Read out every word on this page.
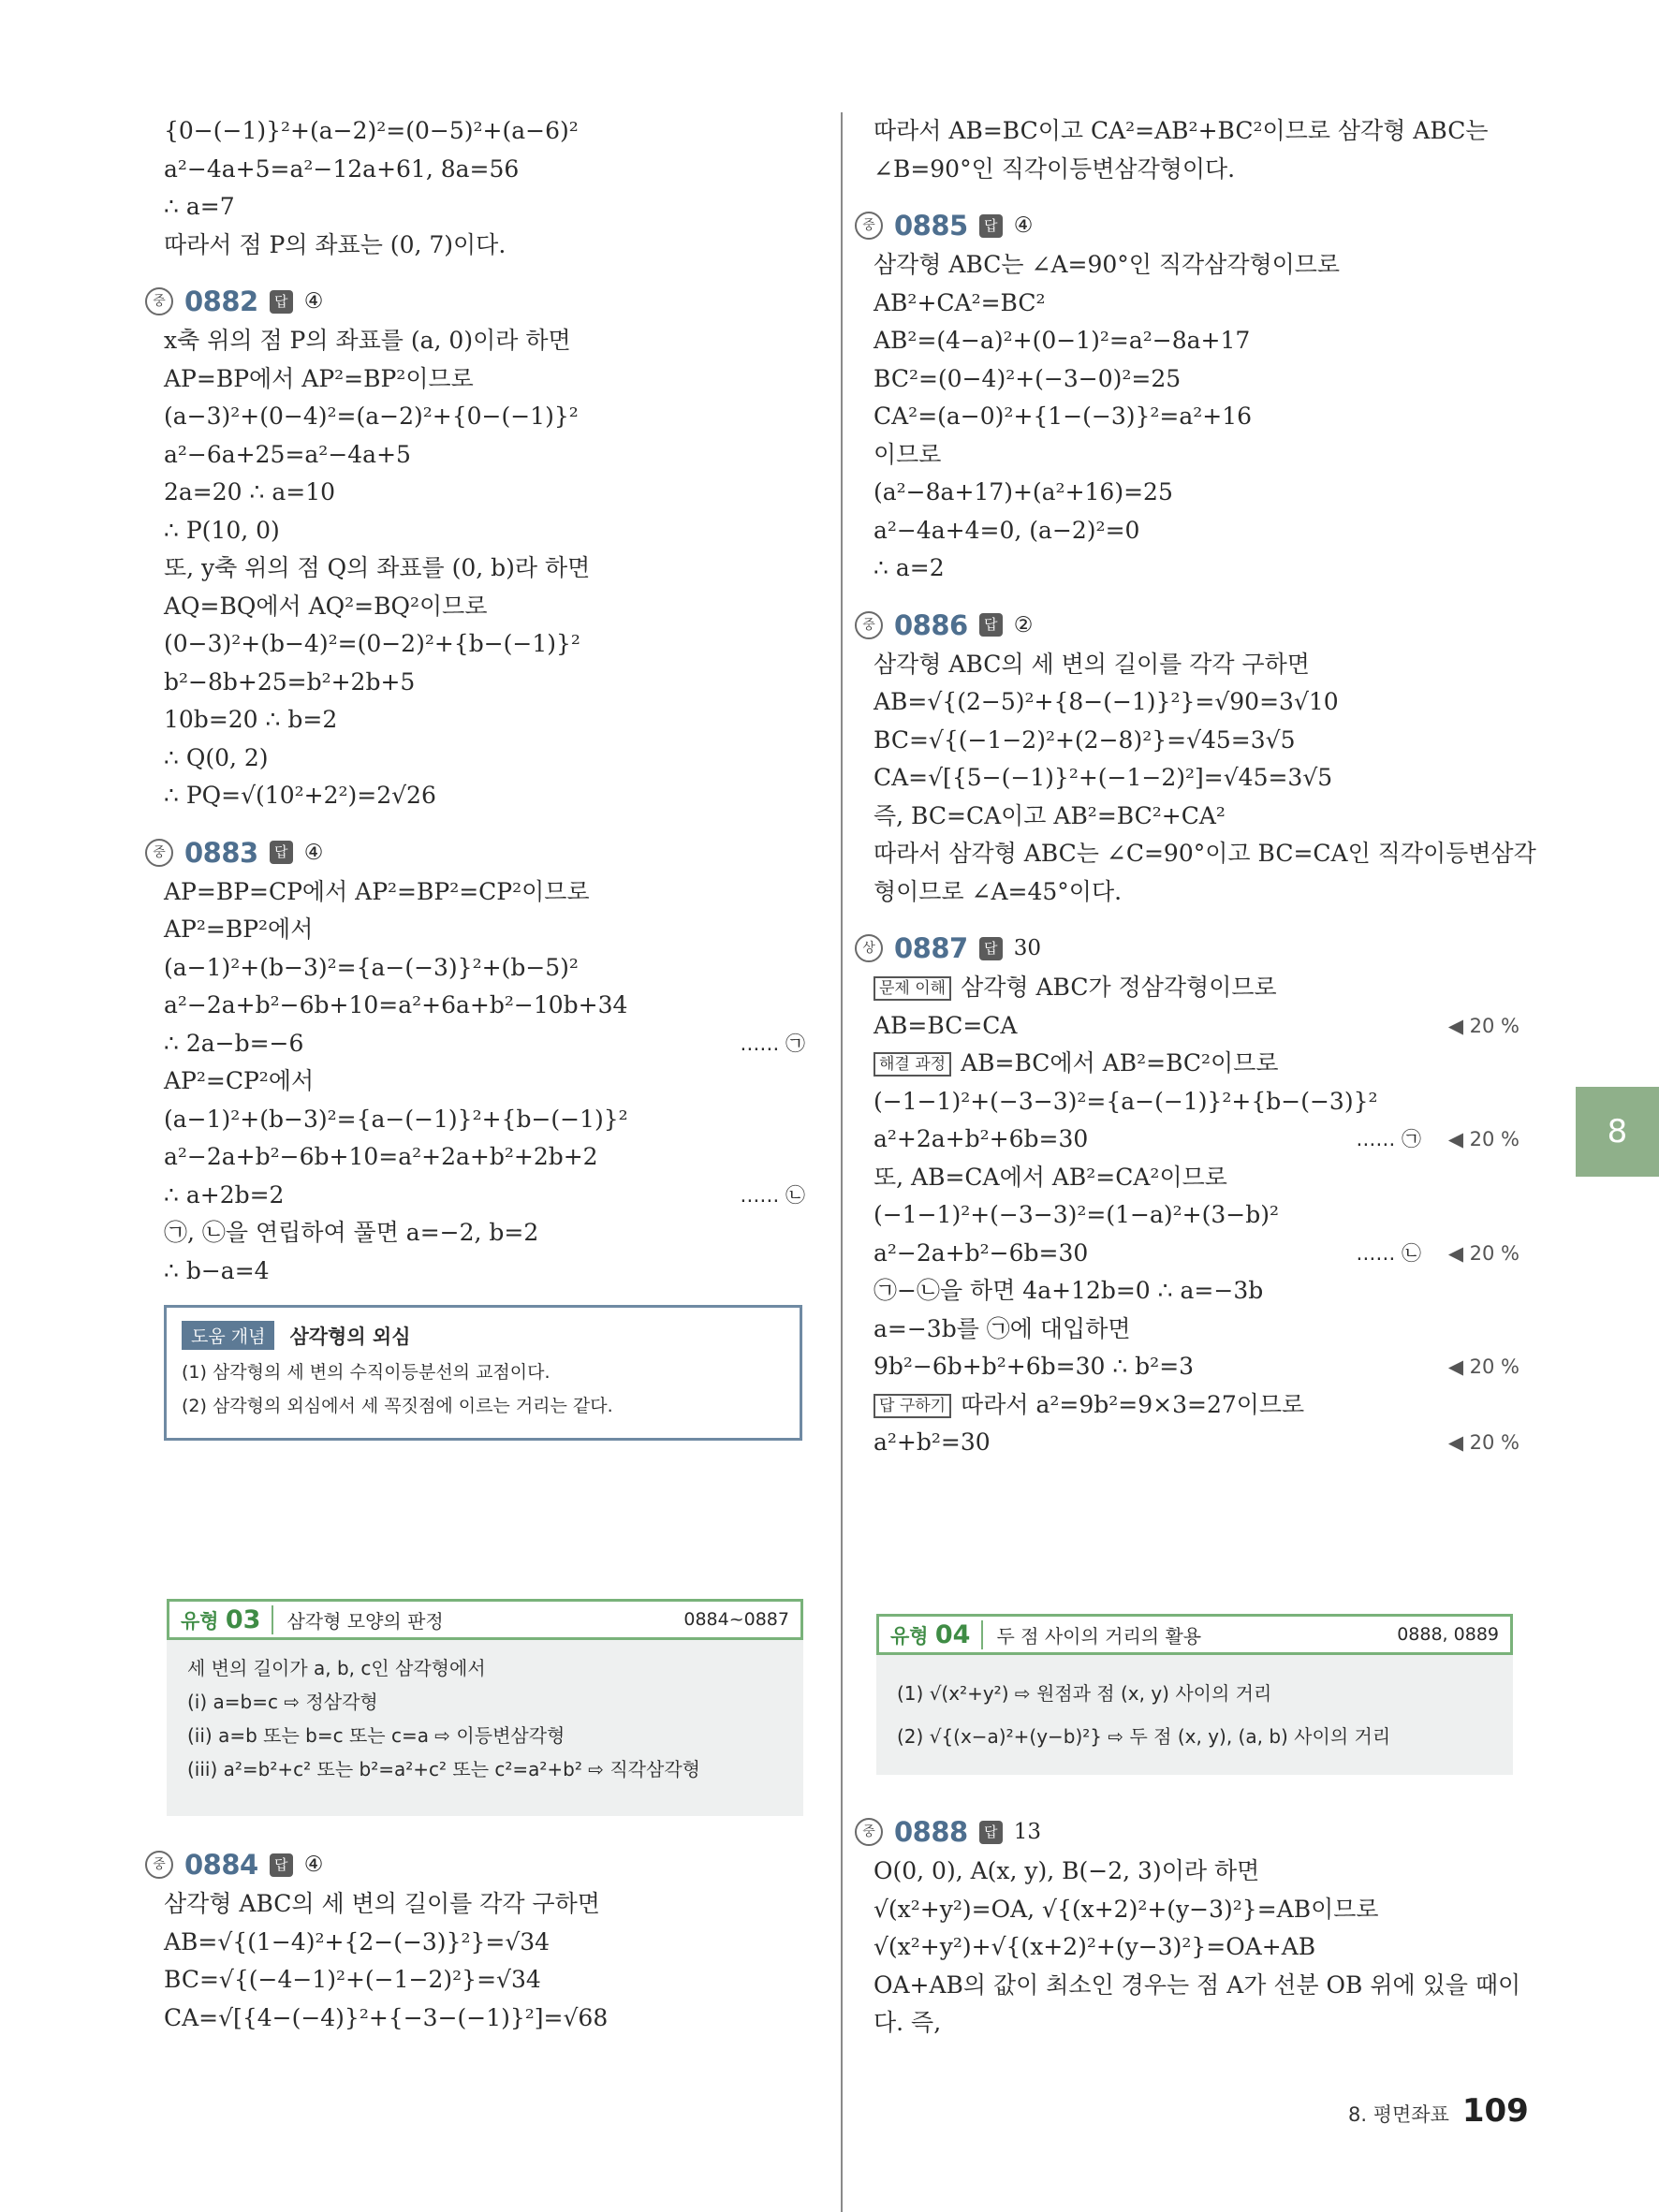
8
{0−(−1)}²+(a−2)²=(0−5)²+(a−6)²
a²−4a+5=a²−12a+61, 8a=56
∴ a=7
따라서 점 P의 좌표는 (0, 7)이다.
중 0882	답 ④
x축 위의 점 P의 좌표를 (a, 0)이라 하면
AP=BP에서 AP²=BP²이므로
(a−3)²+(0−4)²=(a−2)²+{0−(−1)}²
a²−6a+25=a²−4a+5
2a=20 ∴ a=10
∴ P(10, 0)
또, y축 위의 점 Q의 좌표를 (0, b)라 하면
AQ=BQ에서 AQ²=BQ²이므로
(0−3)²+(b−4)²=(0−2)²+{b−(−1)}²
b²−8b+25=b²+2b+5
10b=20 ∴ b=2
∴ Q(0, 2)
∴ PQ=√(10²+2²)=2√26
중 0883	답 ④
AP=BP=CP에서 AP²=BP²=CP²이므로
AP²=BP²에서
(a−1)²+(b−3)²={a−(−3)}²+(b−5)²
a²−2a+b²−6b+10=a²+6a+b²−10b+34
∴ 2a−b=−6	…… ㉠
AP²=CP²에서
(a−1)²+(b−3)²={a−(−1)}²+{b−(−1)}²
a²−2a+b²−6b+10=a²+2a+b²+2b+2
∴ a+2b=2	…… ㉡
㉠, ㉡을 연립하여 풀면 a=−2, b=2
∴ b−a=4
도움 개념	삼각형의 외심
(1) 삼각형의 세 변의 수직이등분선의 교점이다.
(2) 삼각형의 외심에서 세 꼭짓점에 이르는 거리는 같다.
유형 03	삼각형 모양의 판정	0884~0887
세 변의 길이가 a, b, c인 삼각형에서
(i) a=b=c ⇨ 정삼각형
(ii) a=b 또는 b=c 또는 c=a ⇨ 이등변삼각형
(iii) a²=b²+c² 또는 b²=a²+c² 또는 c²=a²+b² ⇨ 직각삼각형
중 0884	답 ④
삼각형 ABC의 세 변의 길이를 각각 구하면
AB=√{(1−4)²+{2−(−3)}²}=√34
BC=√{(−4−1)²+(−1−2)²}=√34
CA=√[{4−(−4)}²+{−3−(−1)}²]=√68
따라서 AB=BC이고 CA²=AB²+BC²이므로 삼각형 ABC는
∠B=90°인 직각이등변삼각형이다.
중 0885	답 ④
삼각형 ABC는 ∠A=90°인 직각삼각형이므로
AB²+CA²=BC²
AB²=(4−a)²+(0−1)²=a²−8a+17
BC²=(0−4)²+(−3−0)²=25
CA²=(a−0)²+{1−(−3)}²=a²+16
이므로
(a²−8a+17)+(a²+16)=25
a²−4a+4=0, (a−2)²=0
∴ a=2
중 0886	답 ②
삼각형 ABC의 세 변의 길이를 각각 구하면
AB=√{(2−5)²+{8−(−1)}²}=√90=3√10
BC=√{(−1−2)²+(2−8)²}=√45=3√5
CA=√[{5−(−1)}²+(−1−2)²]=√45=3√5
즉, BC=CA이고 AB²=BC²+CA²
따라서 삼각형 ABC는 ∠C=90°이고 BC=CA인 직각이등변삼각
형이므로 ∠A=45°이다.
상 0887	답 30
문제 이해 삼각형 ABC가 정삼각형이므로
AB=BC=CA	◀ 20 %
해결 과정 AB=BC에서 AB²=BC²이므로
(−1−1)²+(−3−3)²={a−(−1)}²+{b−(−3)}²
a²+2a+b²+6b=30	…… ㉠ ◀ 20 %
또, AB=CA에서 AB²=CA²이므로
(−1−1)²+(−3−3)²=(1−a)²+(3−b)²
a²−2a+b²−6b=30	…… ㉡ ◀ 20 %
㉠−㉡을 하면 4a+12b=0 ∴ a=−3b
a=−3b를 ㉠에 대입하면
9b²−6b+b²+6b=30 ∴ b²=3	◀ 20 %
답 구하기 따라서 a²=9b²=9×3=27이므로
a²+b²=30	◀ 20 %
유형 04	두 점 사이의 거리의 활용	0888, 0889
(1) √(x²+y²) ⇨ 원점과 점 (x, y) 사이의 거리
(2) √{(x−a)²+(y−b)²} ⇨ 두 점 (x, y), (a, b) 사이의 거리
중 0888	답 13
O(0, 0), A(x, y), B(−2, 3)이라 하면
√(x²+y²)=OA, √{(x+2)²+(y−3)²}=AB이므로
√(x²+y²)+√{(x+2)²+(y−3)²}=OA+AB
OA+AB의 값이 최소인 경우는 점 A가 선분 OB 위에 있을 때이
다. 즉,
8. 평면좌표 109
